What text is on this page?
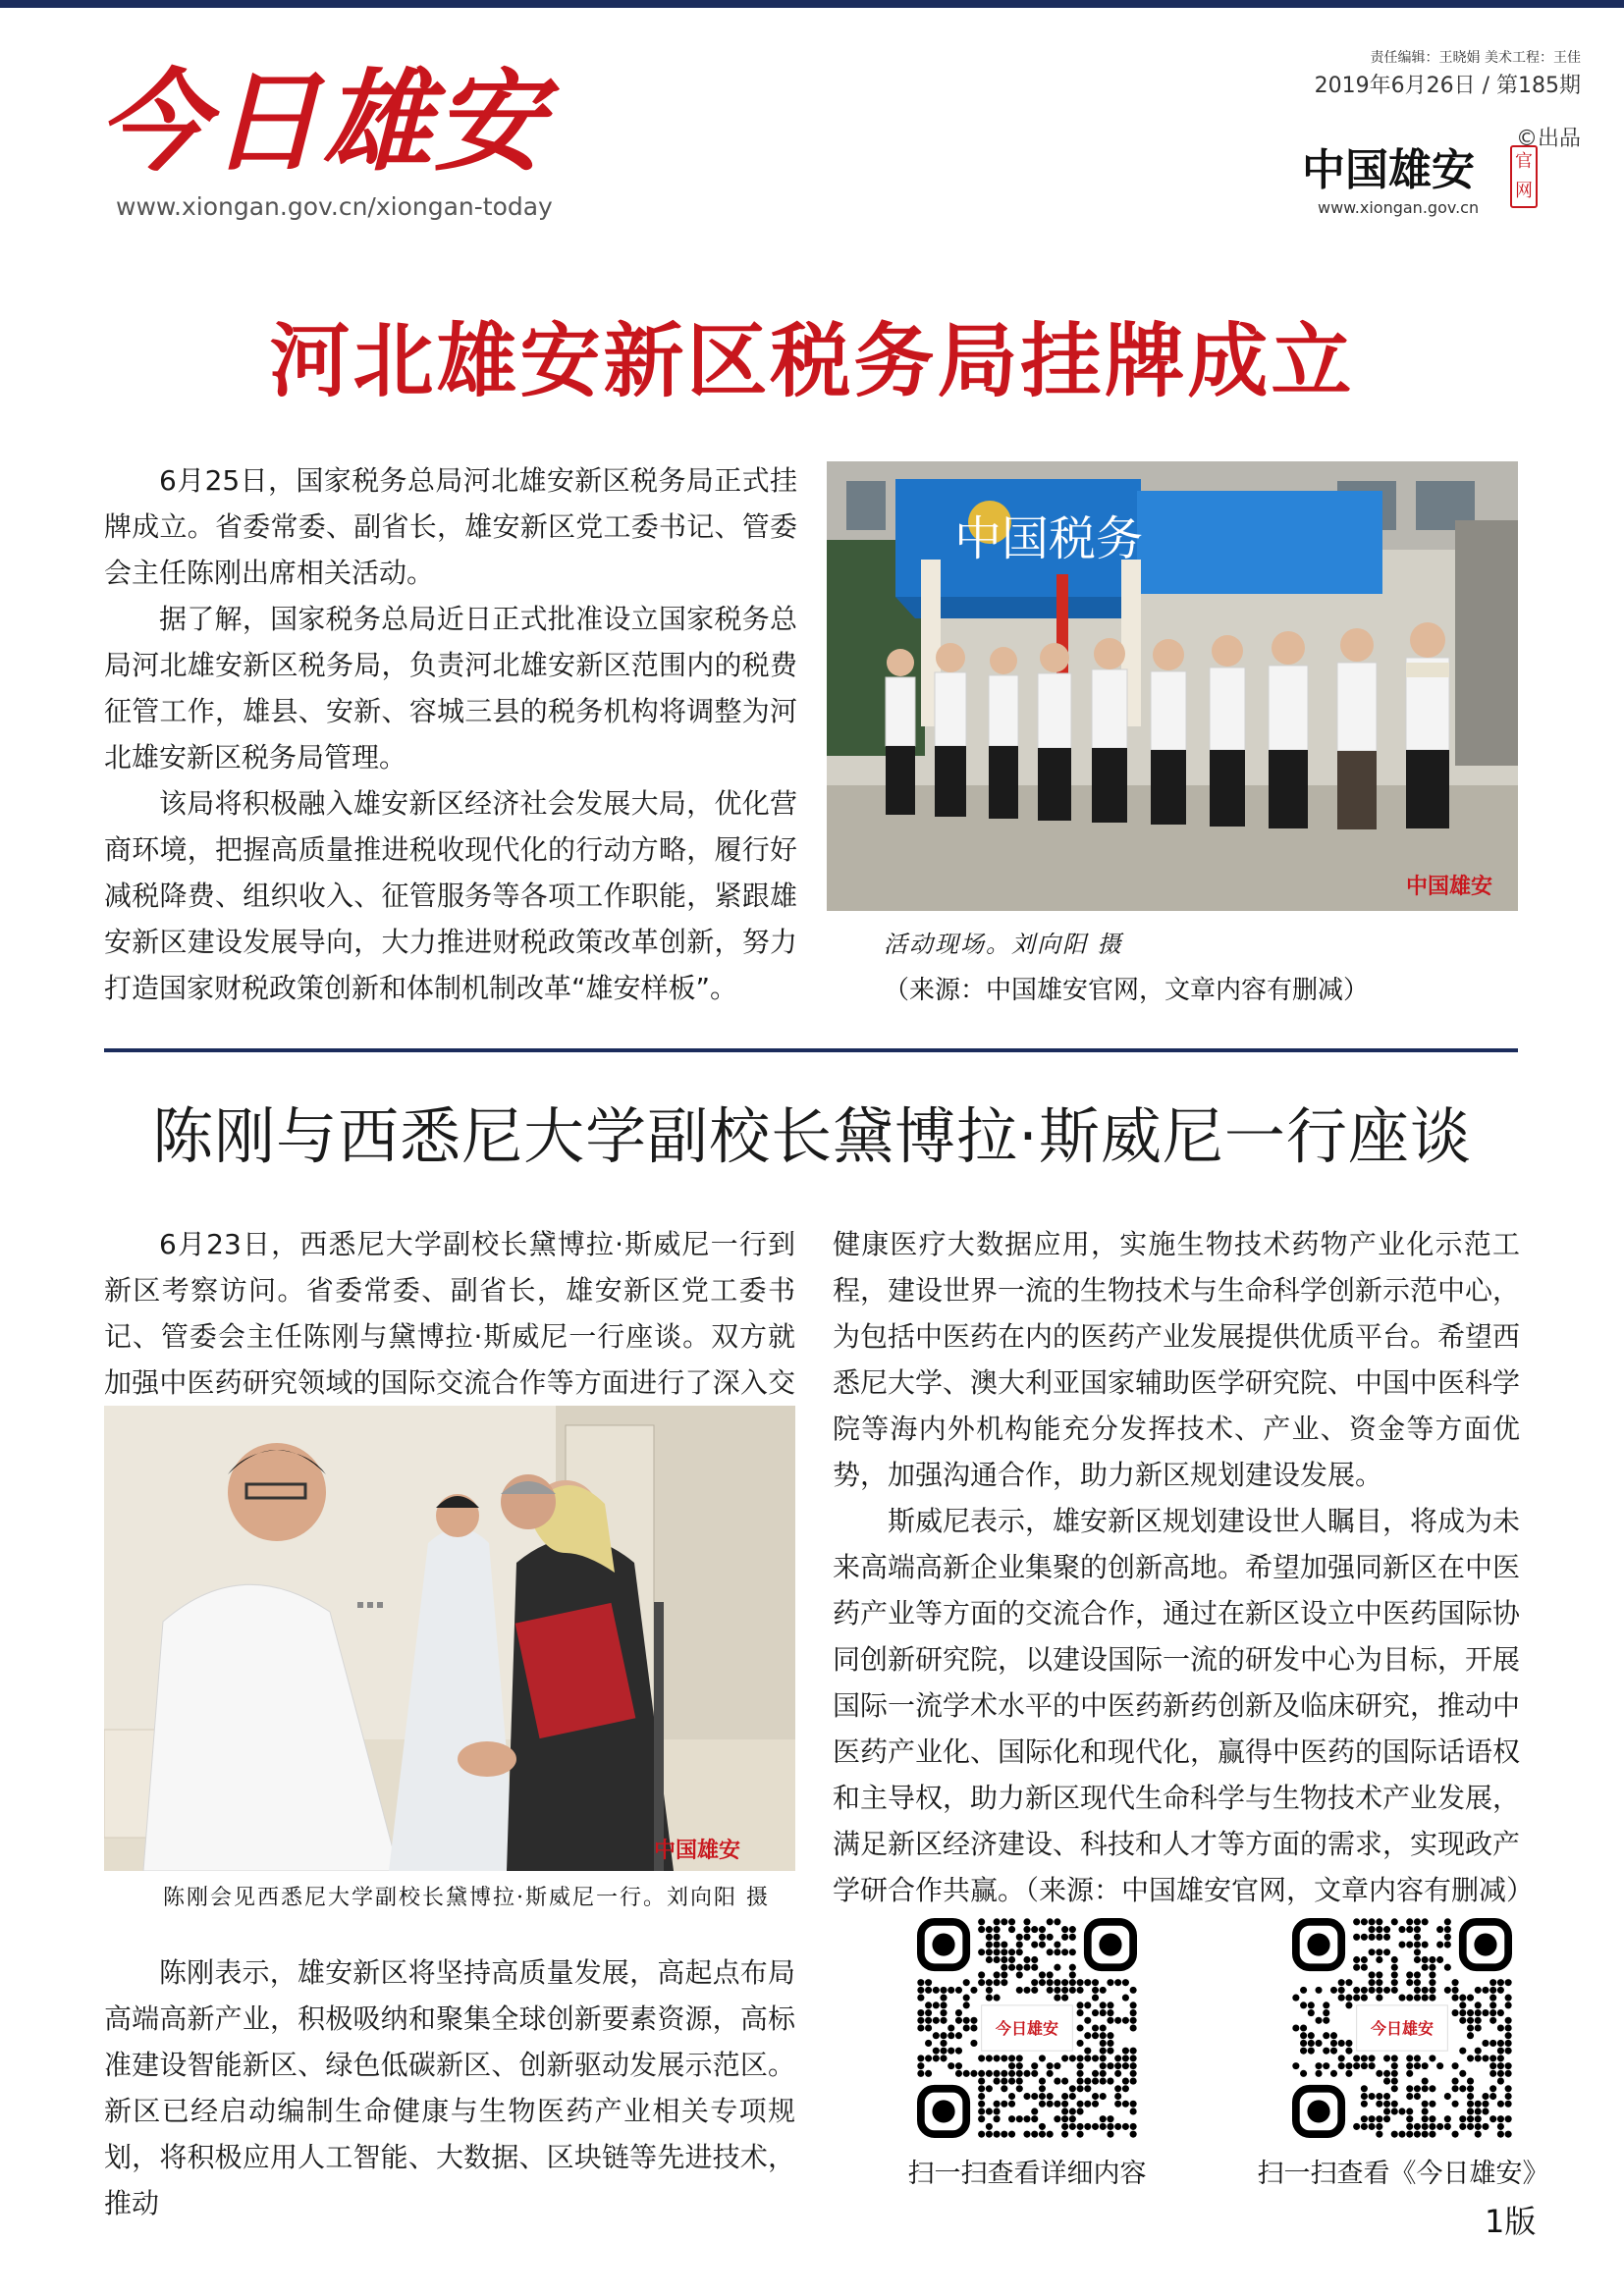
今日雄安
www.xiongan.gov.cn/xiongan-today
责任编辑：王晓娟 美术工程：王佳
2019年6月26日 / 第185期
©出品
中国雄安 官网
www.xiongan.gov.cn
河北雄安新区税务局挂牌成立

6月25日，国家税务总局河北雄安新区税务局正式挂牌成立。省委常委、副省长，雄安新区党工委书记、管委会主任陈刚出席相关活动。

据了解，国家税务总局近日正式批准设立国家税务总局河北雄安新区税务局，负责河北雄安新区范围内的税费征管工作，雄县、安新、容城三县的税务机构将调整为河北雄安新区税务局管理。

该局将积极融入雄安新区经济社会发展大局，优化营商环境，把握高质量推进税收现代化的行动方略，履行好减税降费、组织收入、征管服务等各项工作职能，紧跟雄安新区建设发展导向，大力推进财税政策改革创新，努力打造国家财税政策创新和体制机制改革“雄安样板”。

中国税务
中国雄安
活动现场。刘向阳 摄
（来源：中国雄安官网，文章内容有删减）
陈刚与西悉尼大学副校长黛博拉·斯威尼一行座谈

6月23日，西悉尼大学副校长黛博拉·斯威尼一行到新区考察访问。省委常委、副省长，雄安新区党工委书记、管委会主任陈刚与黛博拉·斯威尼一行座谈。双方就加强中医药研究领域的国际交流合作等方面进行了深入交

中国雄安
陈刚会见西悉尼大学副校长黛博拉·斯威尼一行。刘向阳 摄

陈刚表示，雄安新区将坚持高质量发展，高起点布局高端高新产业，积极吸纳和聚集全球创新要素资源，高标准建设智能新区、绿色低碳新区、创新驱动发展示范区。新区已经启动编制生命健康与生物医药产业相关专项规划，将积极应用人工智能、大数据、区块链等先进技术，推动

健康医疗大数据应用，实施生物技术药物产业化示范工程，建设世界一流的生物技术与生命科学创新示范中心，为包括中医药在内的医药产业发展提供优质平台。希望西悉尼大学、澳大利亚国家辅助医学研究院、中国中医科学院等海内外机构能充分发挥技术、产业、资金等方面优势，加强沟通合作，助力新区规划建设发展。

斯威尼表示，雄安新区规划建设世人瞩目，将成为未来高端高新企业集聚的创新高地。希望加强同新区在中医药产业等方面的交流合作，通过在新区设立中医药国际协同创新研究院，以建设国际一流的研发中心为目标，开展国际一流学术水平的中医药新药创新及临床研究，推动中医药产业化、国际化和现代化，赢得中医药的国际话语权和主导权，助力新区现代生命科学与生物技术产业发展，满足新区经济建设、科技和人才等方面的需求，实现政产学研合作共赢。（来源：中国雄安官网，文章内容有删减）

今日雄安	今日雄安
扫一扫查看详细内容	扫一扫查看《今日雄安》
1版
